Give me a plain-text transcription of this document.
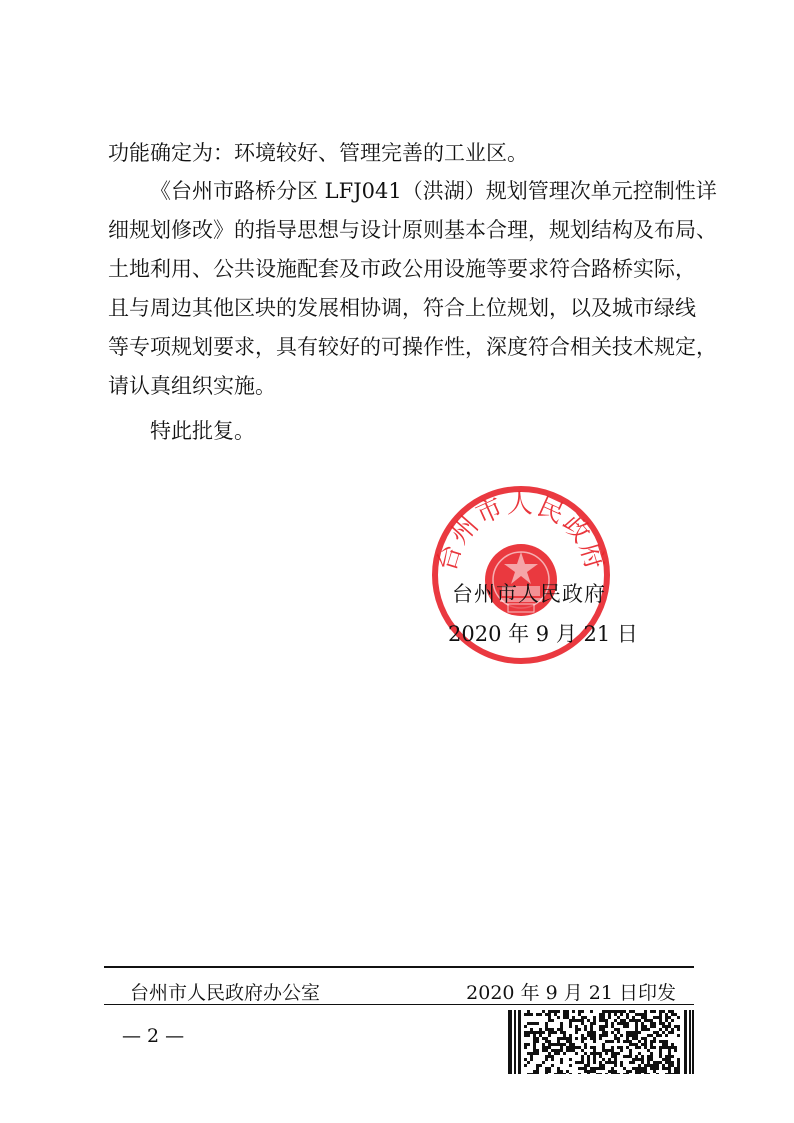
功能确定为：环境较好、管理完善的工业区。

《台州市路桥分区 LFJ041（洪湖）规划管理次单元控制性详

细规划修改》的指导思想与设计原则基本合理，规划结构及布局、

土地利用、公共设施配套及市政公用设施等要求符合路桥实际，

且与周边其他区块的发展相协调，符合上位规划，以及城市绿线

等专项规划要求，具有较好的可操作性，深度符合相关技术规定，

请认真组织实施。

特此批复。

台州市人民政府
台州市人民政府
2020 年 9 月 21 日
台州市人民政府办公室	2020 年 9 月 21 日印发
— 2 —
